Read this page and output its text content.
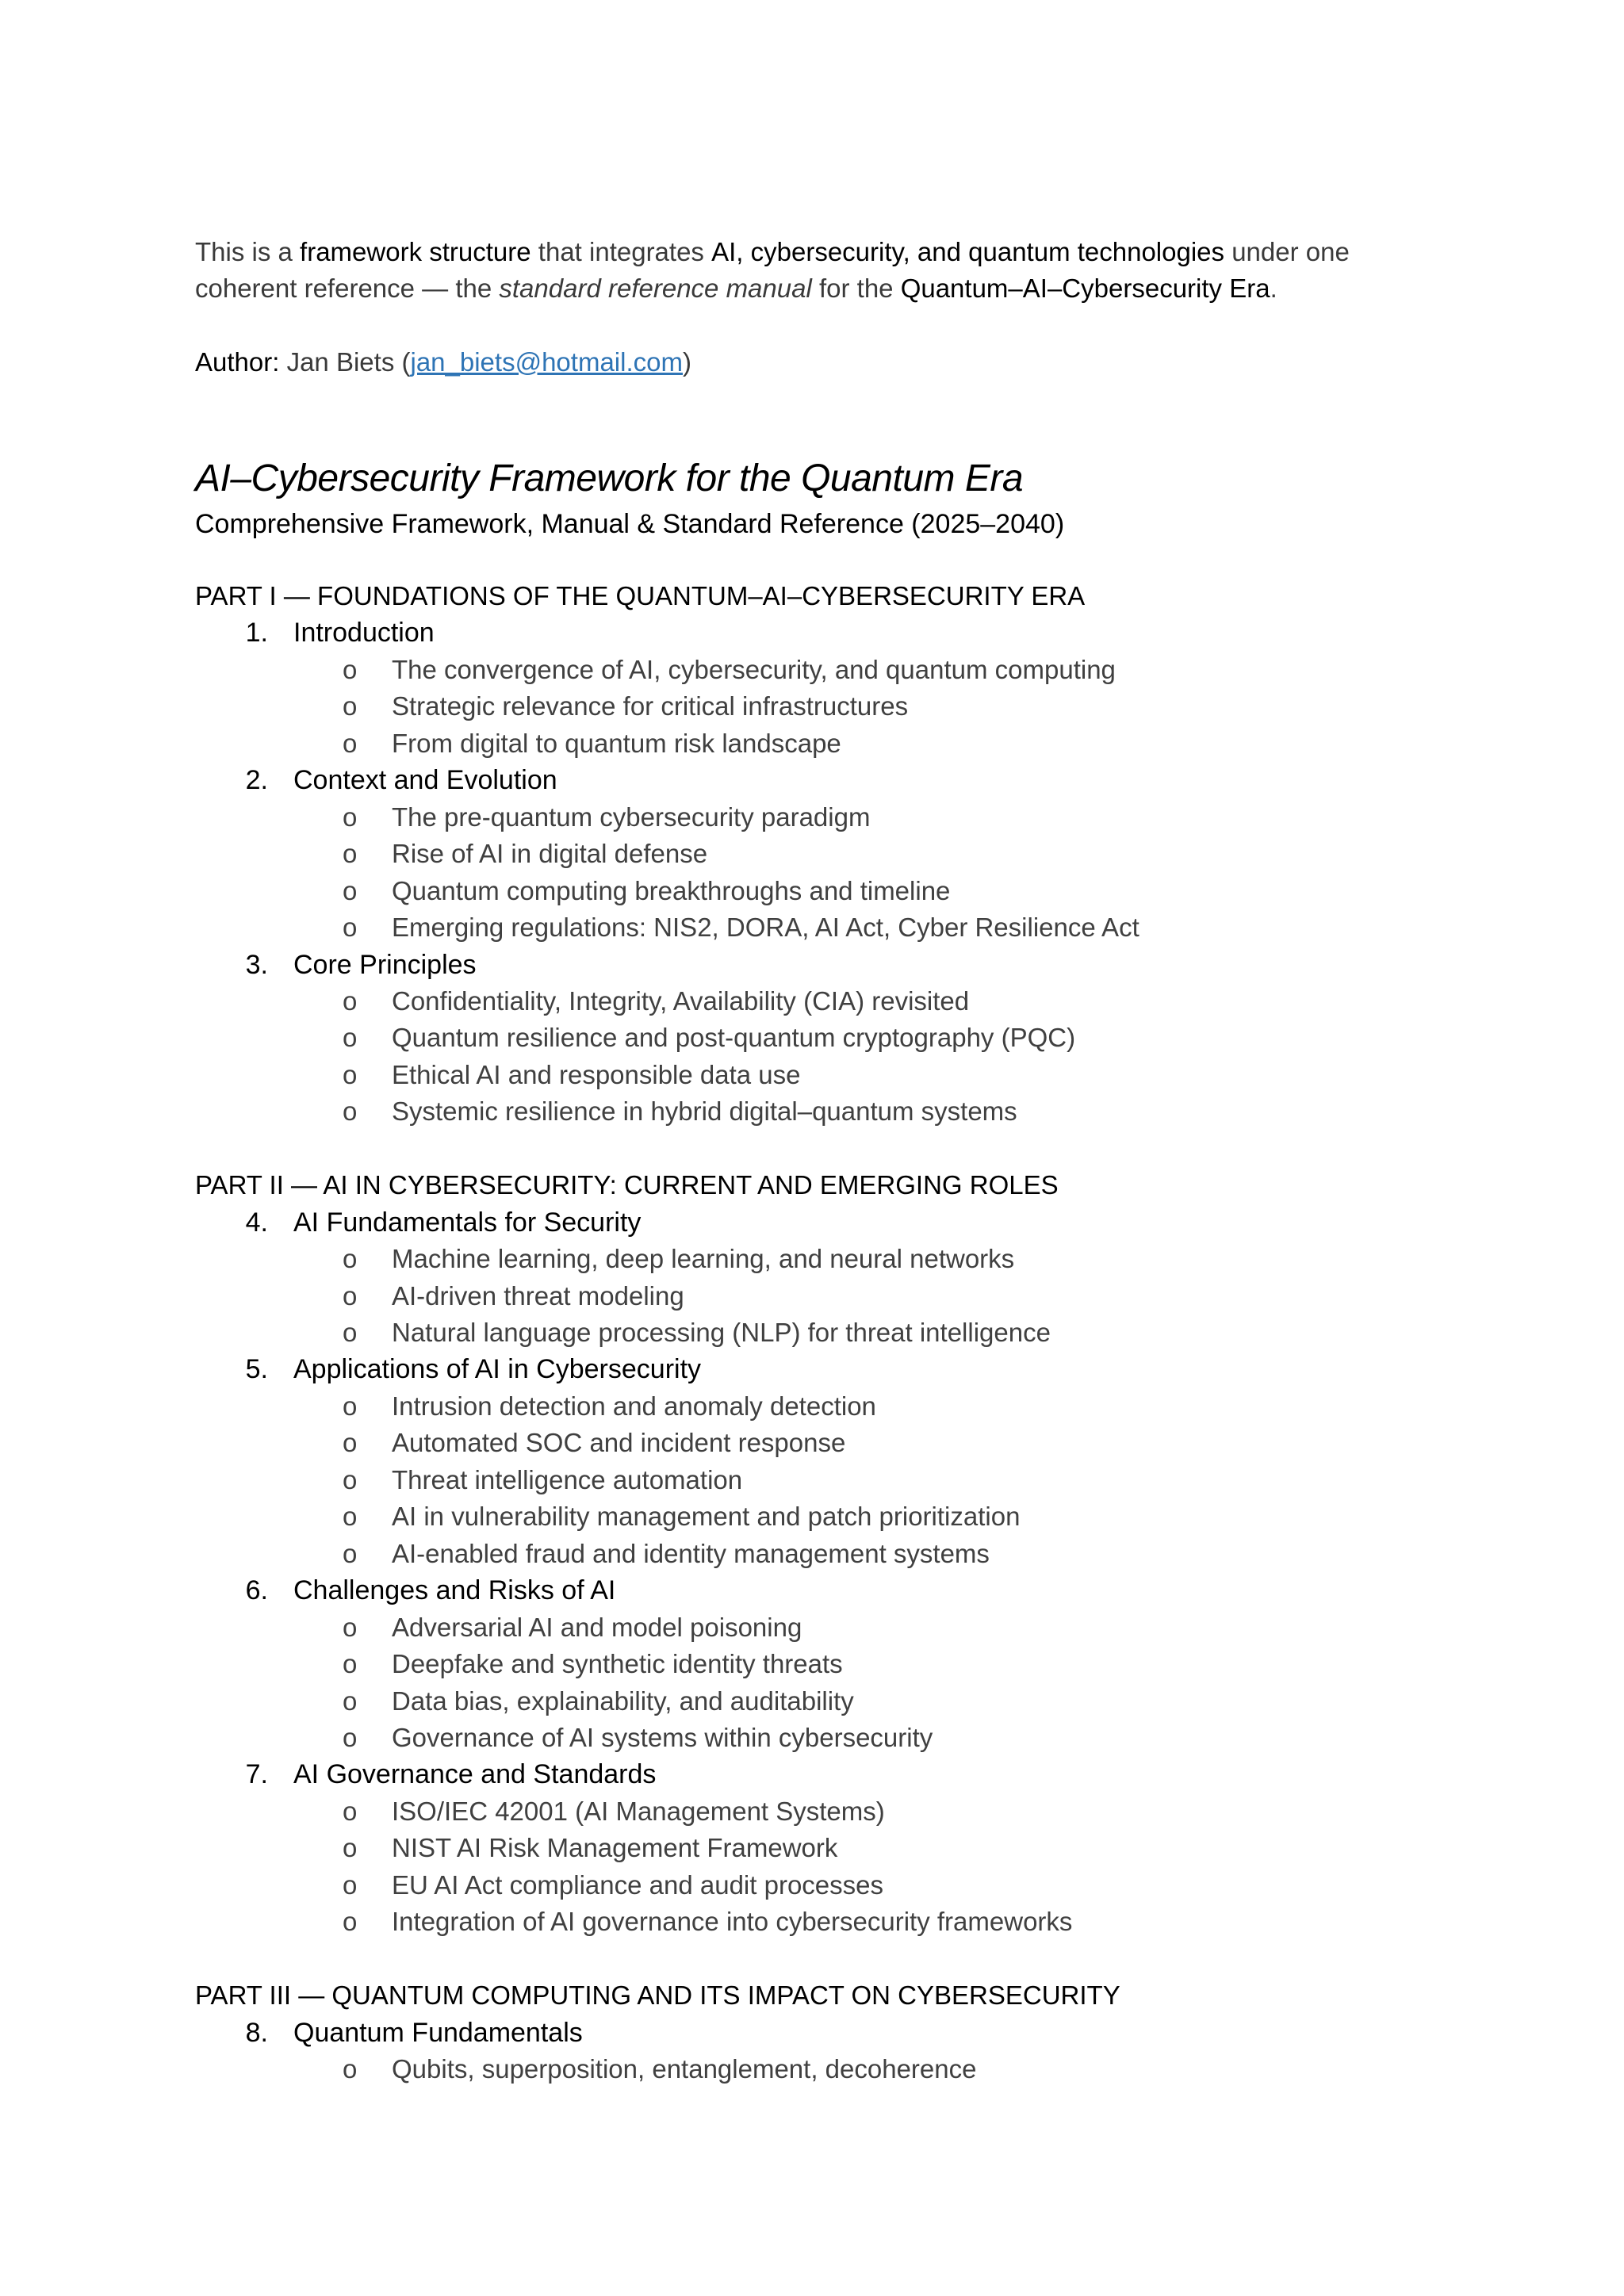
This is a framework structure that integrates AI, cybersecurity, and quantum technologies under one
coherent reference — the standard reference manual for the Quantum–AI–Cybersecurity Era.
Author: Jan Biets (jan_biets@hotmail.com)
AI–Cybersecurity Framework for the Quantum Era
Comprehensive Framework, Manual & Standard Reference (2025–2040)
PART I — FOUNDATIONS OF THE QUANTUM–AI–CYBERSECURITY ERA
1. Introduction
o The convergence of AI, cybersecurity, and quantum computing
o Strategic relevance for critical infrastructures
o From digital to quantum risk landscape
2. Context and Evolution
o The pre-quantum cybersecurity paradigm
o Rise of AI in digital defense
o Quantum computing breakthroughs and timeline
o Emerging regulations: NIS2, DORA, AI Act, Cyber Resilience Act
3. Core Principles
o Confidentiality, Integrity, Availability (CIA) revisited
o Quantum resilience and post-quantum cryptography (PQC)
o Ethical AI and responsible data use
o Systemic resilience in hybrid digital–quantum systems
PART II — AI IN CYBERSECURITY: CURRENT AND EMERGING ROLES
4. AI Fundamentals for Security
o Machine learning, deep learning, and neural networks
o AI-driven threat modeling
o Natural language processing (NLP) for threat intelligence
5. Applications of AI in Cybersecurity
o Intrusion detection and anomaly detection
o Automated SOC and incident response
o Threat intelligence automation
o AI in vulnerability management and patch prioritization
o AI-enabled fraud and identity management systems
6. Challenges and Risks of AI
o Adversarial AI and model poisoning
o Deepfake and synthetic identity threats
o Data bias, explainability, and auditability
o Governance of AI systems within cybersecurity
7. AI Governance and Standards
o ISO/IEC 42001 (AI Management Systems)
o NIST AI Risk Management Framework
o EU AI Act compliance and audit processes
o Integration of AI governance into cybersecurity frameworks
PART III — QUANTUM COMPUTING AND ITS IMPACT ON CYBERSECURITY
8. Quantum Fundamentals
o Qubits, superposition, entanglement, decoherence
